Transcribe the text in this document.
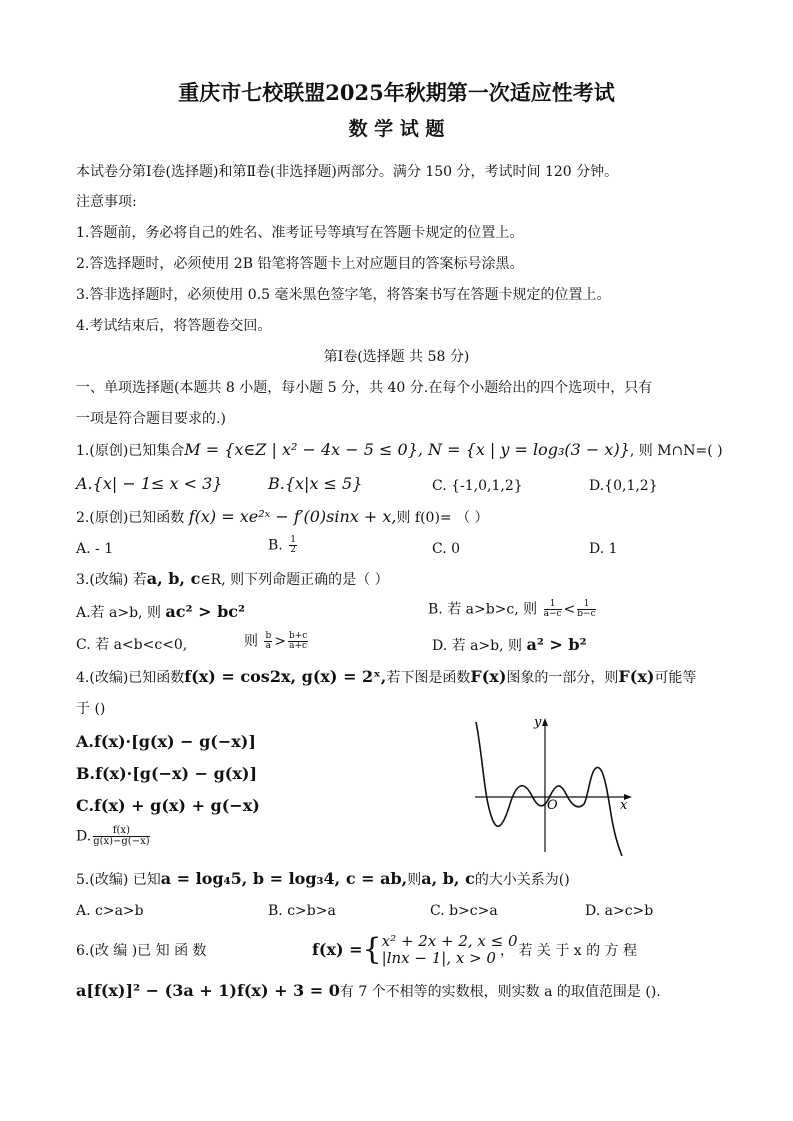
重庆市七校联盟2025年秋期第一次适应性考试
数 学 试 题
本试卷分第Ⅰ卷(选择题)和第Ⅱ卷(非选择题)两部分。满分 150 分，考试时间 120 分钟。
注意事项:
1.答题前，务必将自己的姓名、准考证号等填写在答题卡规定的位置上。
2.答选择题时，必须使用 2B 铅笔将答题卡上对应题目的答案标号涂黑。
3.答非选择题时，必须使用 0.5 毫米黑色签字笔，将答案书写在答题卡规定的位置上。
4.考试结束后，将答题卷交回。
第Ⅰ卷(选择题 共 58 分)
一、单项选择题(本题共 8 小题，每小题 5 分，共 40 分.在每个小题给出的四个选项中，只有
一项是符合题目要求的.)
1.(原创)已知集合M = {x∈Z | x² − 4x − 5 ≤ 0}, N = {x | y = log₃(3 − x)}, 则 M∩N=( )
A.{x| − 1≤ x < 3}	B.{x|x ≤ 5}	C. {-1,0,1,2}	D.{0,1,2}
2.(原创)已知函数 f(x) = xe²ˣ − f′(0)sinx + x,则 f(0)= （ ）
A. - 1	B. $\frac{1}{2}$	C. 0	D. 1
3.(改编) 若a, b, c∈R, 则下列命题正确的是（ ）
A.若 a>b, 则 ac² > bc²	B. 若 a>b>c, 则 $\frac{1}{a-c} < \frac{1}{b-c}$
C. 若 a<b<c<0,	则 $\frac{b}{a} > \frac{b+c}{a+c}$	D. 若 a>b, 则 a² > b²
4.(改编)已知函数f(x) = cos2x, g(x) = 2ˣ,若下图是函数F(x)图象的一部分，则F(x)可能等
于 ()
A.f(x)·[g(x) − g(−x)]
B.f(x)·[g(−x) − g(x)]
C.f(x) + g(x) + g(−x)
D. $\frac{f(x)}{g(x)-g(-x)}$
y
x
O
5.(改编) 已知a = log₄5, b = log₃4, c = ab,则a, b, c的大小关系为()
A. c>a>b	B. c>b>a	C. b>c>a	D. a>c>b
6.(改 编 )已 知 函 数	f(x) ={ x² + 2x + 2, x ≤ 0
|lnx − 1|, x > 0 ， 若 关 于 x 的 方 程
a[f(x)]² − (3a + 1)f(x) + 3 = 0有 7 个不相等的实数根，则实数 a 的取值范围是 ().
